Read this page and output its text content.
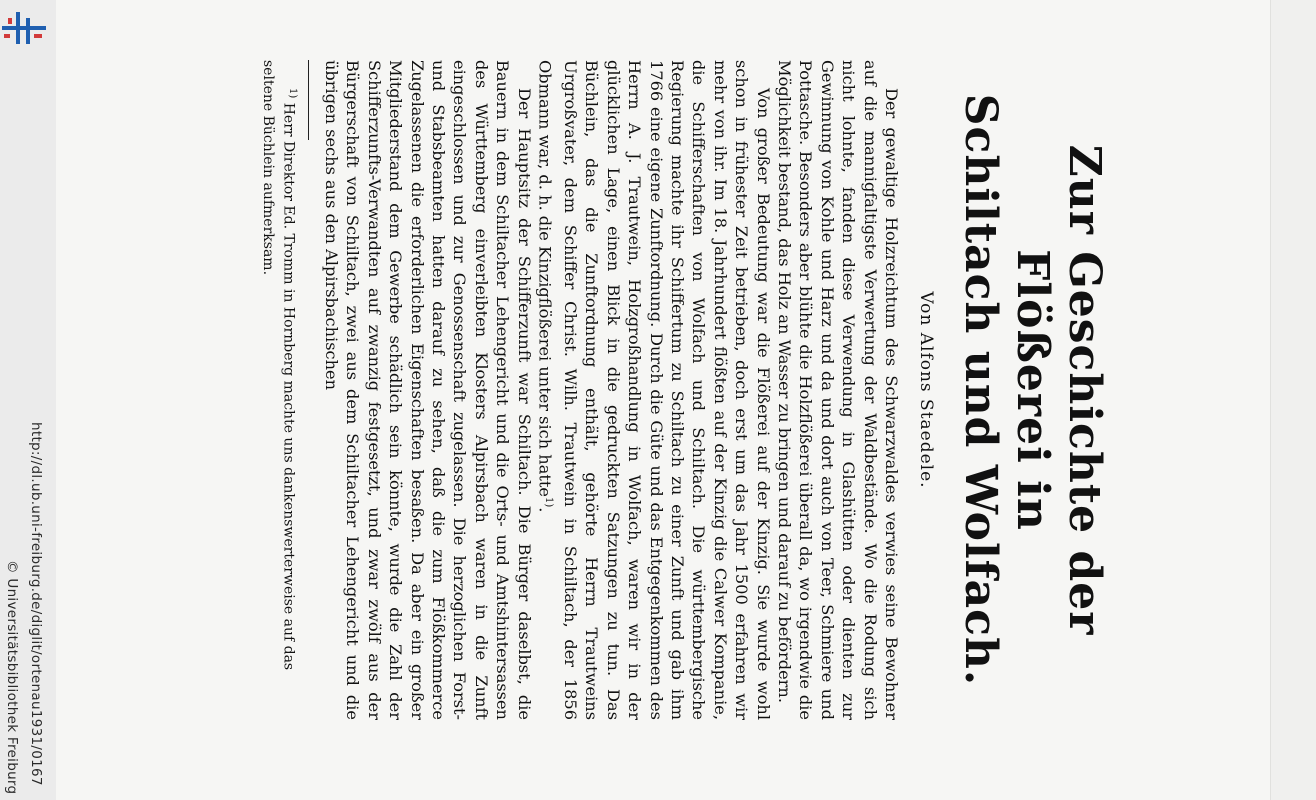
http://dl.ub.uni-freiburg.de/diglit/ortenau1931/0167
© Universitätsbibliothek Freiburg
Zur Geschichte der Flößerei in
Schiltach und Wolfach.
Von Alfons Staedele.

Der gewaltige Holzreichtum des Schwarzwaldes verwies seine Bewohner auf die mannigfaltigste Verwertung der Waldbestände. Wo die Rodung sich nicht lohnte, fanden diese Verwendung in Glashütten oder dienten zur Gewinnung von Kohle und Harz und da und dort auch von Teer, Schmiere und Pottasche. Besonders aber blühte die Holzflößerei überall da, wo irgendwie die Möglichkeit bestand, das Holz an Wasser zu bringen und darauf zu befördern.

Von großer Bedeutung war die Flößerei auf der Kinzig. Sie wurde wohl schon in frühester Zeit betrieben, doch erst um das Jahr 1500 erfahren wir mehr von ihr. Im 18. Jahrhundert flößten auf der Kinzig die Calwer Kompanie, die Schifferschaften von Wolfach und Schiltach. Die württembergische Regierung machte ihr Schiffertum zu Schiltach zu einer Zunft und gab ihm 1766 eine eigene Zunftordnung. Durch die Güte und das Entgegenkommen des Herrn A. J. Trautwein, Holzgroßhandlung in Wolfach, waren wir in der glücklichen Lage, einen Blick in die gedruckten Satzungen zu tun. Das Büchlein, das die Zunftordnung enthält, gehörte Herrn Trautweins Urgroßvater, dem Schiffer Christ. Wilh. Trautwein in Schiltach, der 1856 Obmann war, d. h. die Kinzigflößerei unter sich hatte$^{1)}$.

Der Hauptsitz der Schifferzunft war Schiltach. Die Bürger daselbst, die Bauern in dem Schiltacher Lehengericht und die Orts- und Amtshintersassen des Württemberg einverleibten Klosters Alpirsbach waren in die Zunft eingeschlossen und zur Genossenschaft zugelassen. Die herzoglichen Forst- und Stabsbeamten hatten darauf zu sehen, daß die zum Flößkommerce Zugelassenen die erforderlichen Eigenschaften besaßen. Da aber ein großer Mitgliederstand dem Gewerbe schädlich sein könnte, wurde die Zahl der Schifferzunfts-Verwandten auf zwanzig festgesetzt, und zwar zwölf aus der Bürgerschaft von Schiltach, zwei aus dem Schiltacher Lehengericht und die übrigen sechs aus den Alpirsbachischen

$^{1)}$ Herr Direktor Ed. Tromm in Hornberg machte uns dankenswerterweise auf das seltene Büchlein aufmerksam.
